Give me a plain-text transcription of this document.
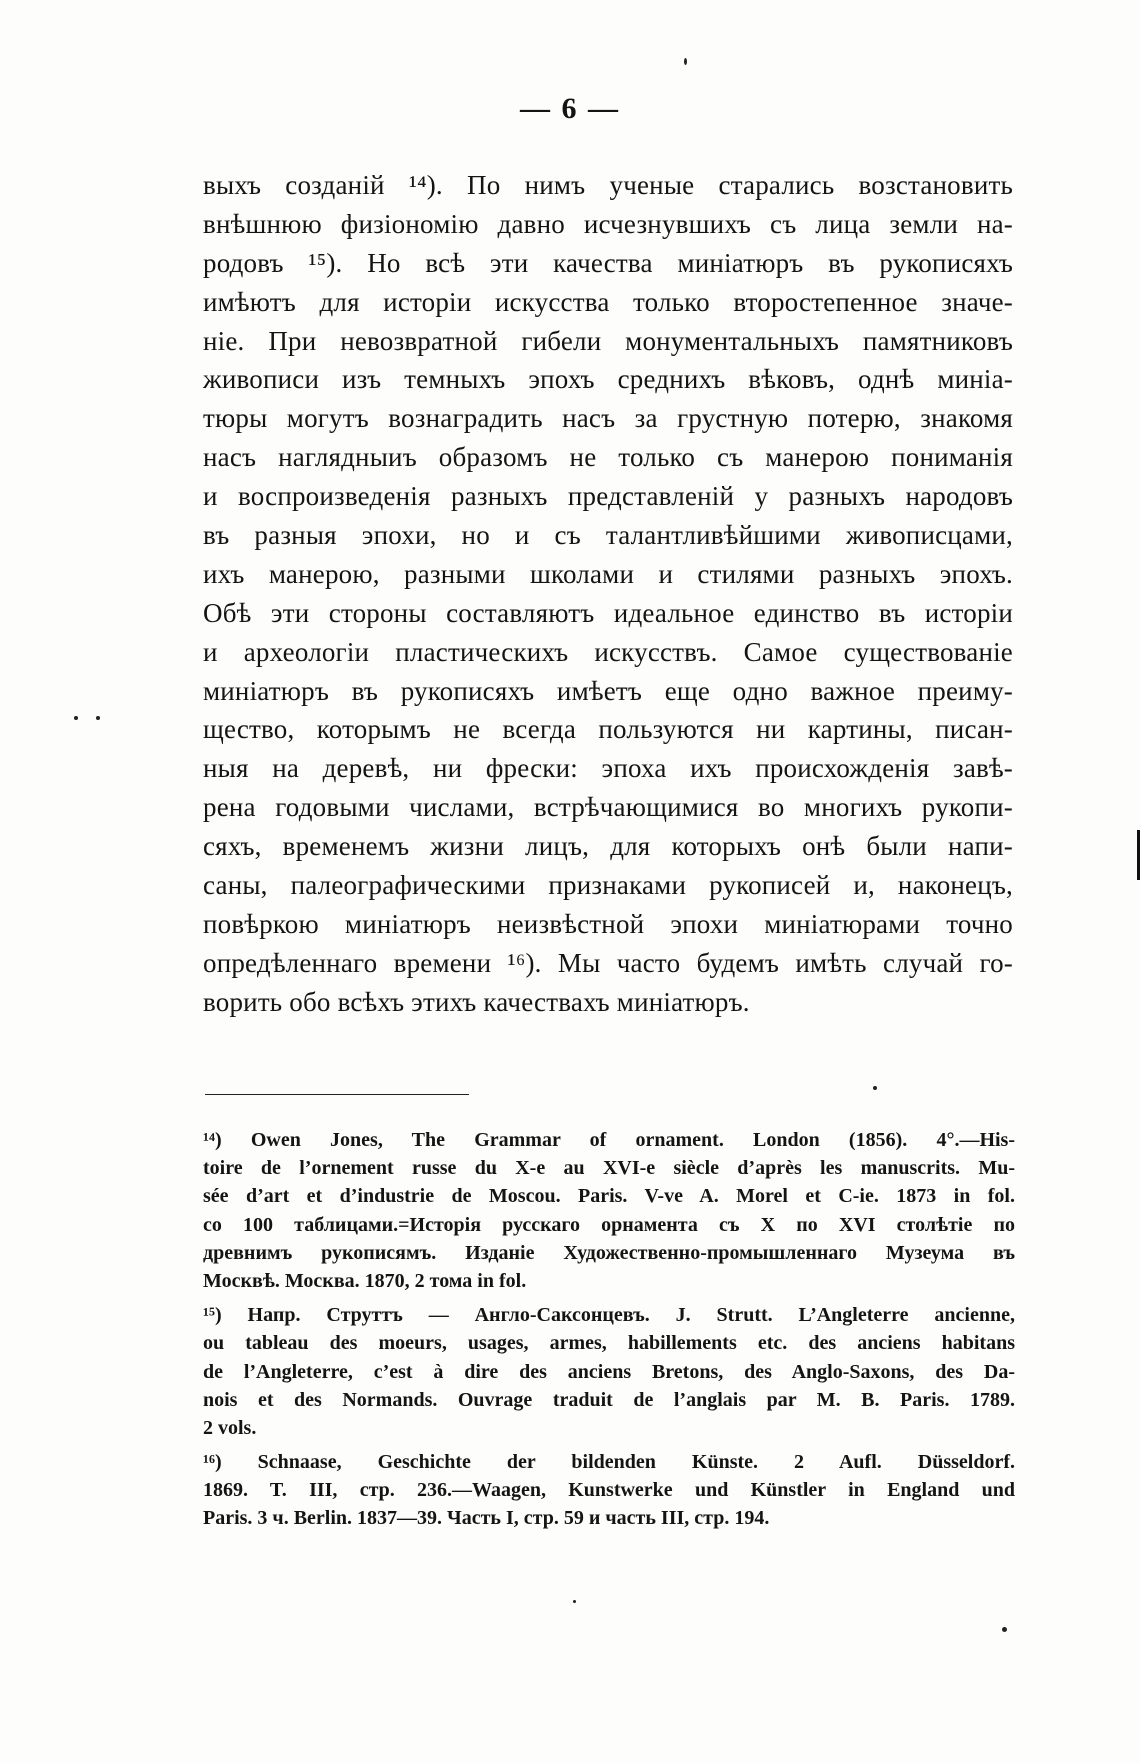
— 6 —
выхъ созданій ¹⁴). По нимъ ученые старались возстановить
внѣшнюю физіономію давно исчезнувшихъ съ лица земли на-
родовъ ¹⁵). Но всѣ эти качества миніатюръ въ рукописяхъ
имѣютъ для исторіи искусства только второстепенное значе-
ніе. При невозвратной гибели монументальныхъ памятниковъ
живописи изъ темныхъ эпохъ среднихъ вѣковъ, однѣ миніа-
тюры могутъ вознаградить насъ за грустную потерю, знакомя
насъ наглядныиъ образомъ не только съ манерою пониманія
и воспроизведенія разныхъ представленій у разныхъ народовъ
въ разныя эпохи, но и съ талантливѣйшими живописцами,
ихъ манерою, разными школами и стилями разныхъ эпохъ.
Обѣ эти стороны составляютъ идеальное единство въ исторіи
и археологіи пластическихъ искусствъ. Самое существованіе
миніатюръ въ рукописяхъ имѣетъ еще одно важное преиму-
щество, которымъ не всегда пользуются ни картины, писан-
ныя на деревѣ, ни фрески: эпоха ихъ происхожденія завѣ-
рена годовыми числами, встрѣчающимися во многихъ рукопи-
сяхъ, временемъ жизни лицъ, для которыхъ онѣ были напи-
саны, палеографическими признаками рукописей и, наконецъ,
повѣркою миніатюръ неизвѣстной эпохи миніатюрами точно
опредѣленнаго времени ¹⁶). Мы часто будемъ имѣть случай го-
ворить обо всѣхъ этихъ качествахъ миніатюръ.
¹⁴) Owen Jones, The Grammar of ornament. London (1856). 4°.—His-
toire de l’ornement russe du X-e au XVI-e siècle d’après les manuscrits. Mu-
sée d’art et d’industrie de Moscou. Paris. V-ve A. Morel et C-ie. 1873 in fol.
со 100 таблицами.=Исторія русскаго орнамента съ X по XVI столѣтіе по
древнимъ рукописямъ. Изданіе Художественно-промышленнаго Музеума въ
Москвѣ. Москва. 1870, 2 тома in fol.
¹⁵) Напр. Струттъ — Англо-Саксонцевъ. J. Strutt. L’Angleterre ancienne,
ou tableau des moeurs, usages, armes, habillements etc. des anciens habitans
de l’Angleterre, c’est à dire des anciens Bretons, des Anglo-Saxons, des Da-
nois et des Normands. Ouvrage traduit de l’anglais par M. B. Paris. 1789.
2 vols.
¹⁶) Schnaase, Geschichte der bildenden Künste. 2 Aufl. Düsseldorf.
1869. T. III, стр. 236.—Waagen, Kunstwerke und Künstler in England und
Paris. 3 ч. Berlin. 1837—39. Часть I, стр. 59 и часть III, стр. 194.
